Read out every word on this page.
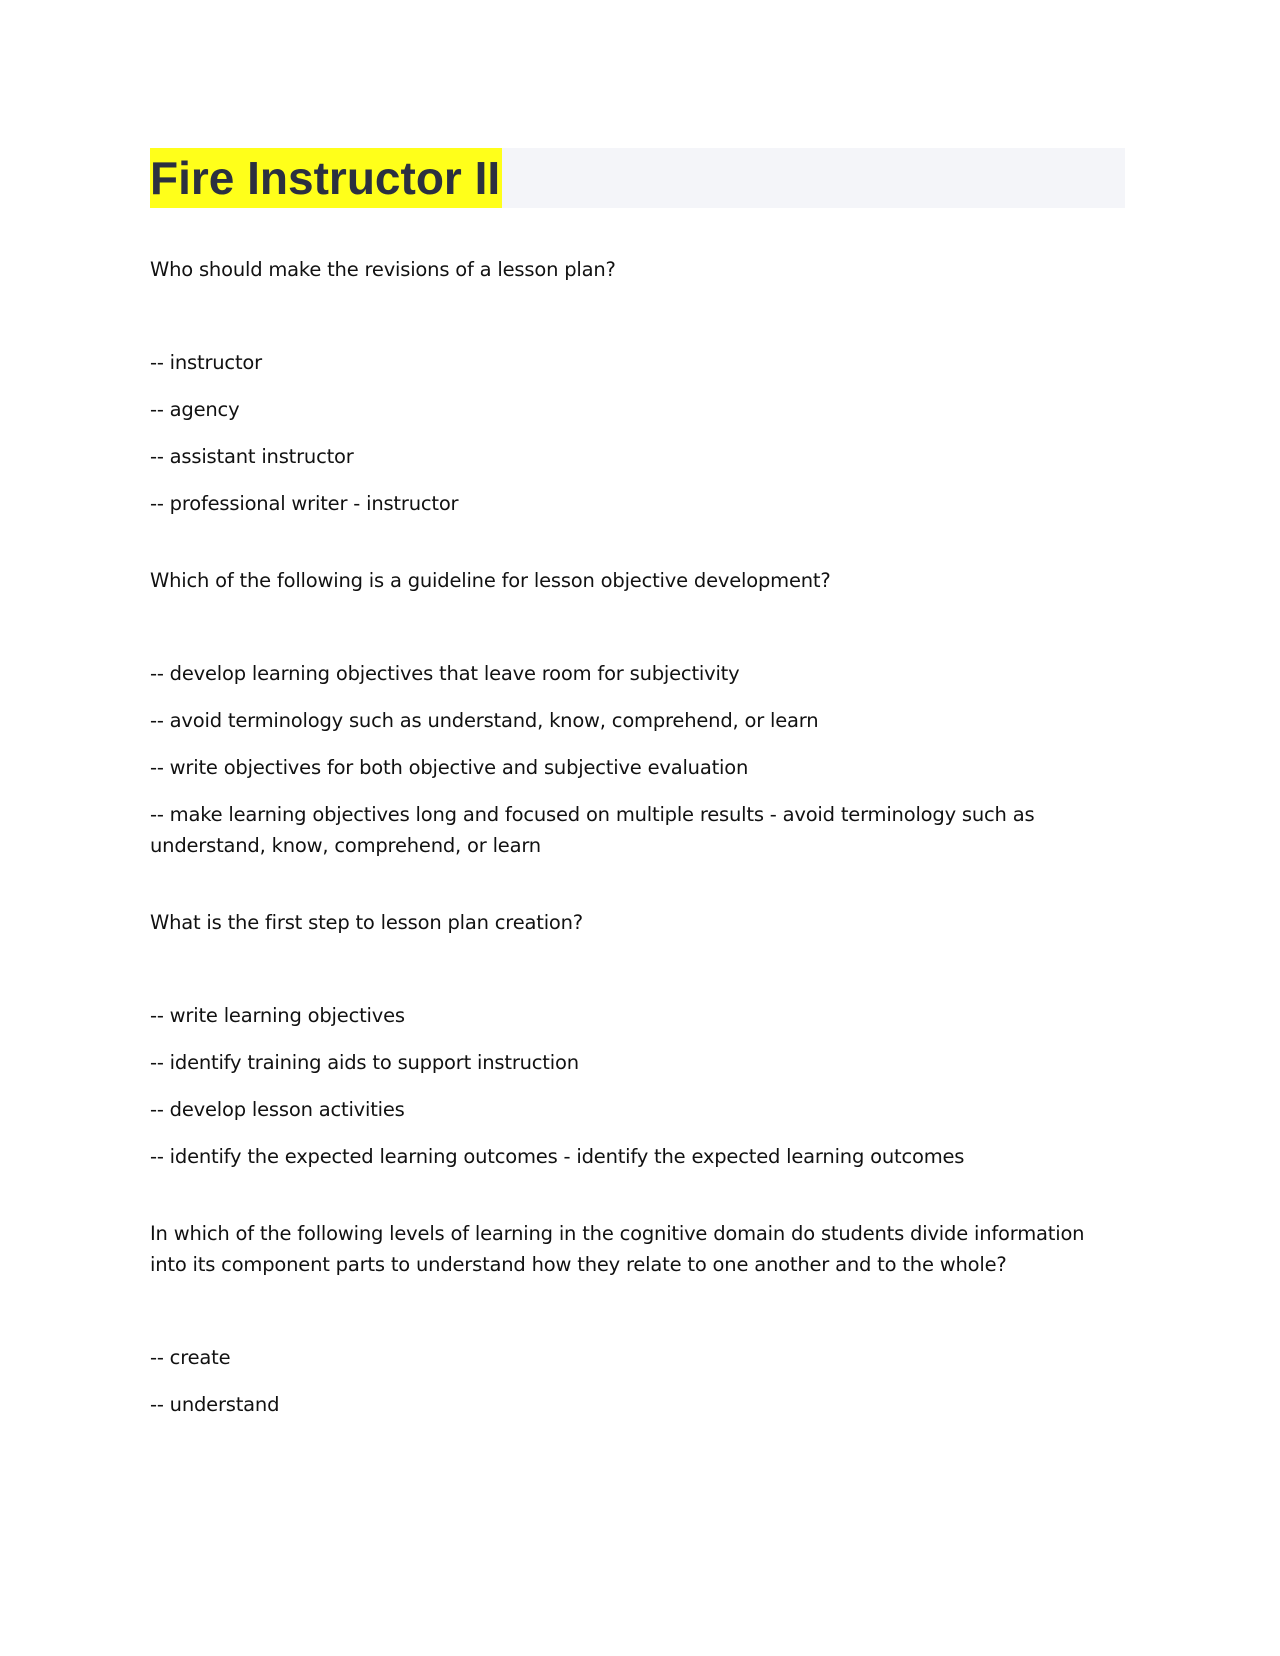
Fire Instructor II

Who should make the revisions of a lesson plan?

-- instructor
-- agency
-- assistant instructor
-- professional writer - instructor

Which of the following is a guideline for lesson objective development?

-- develop learning objectives that leave room for subjectivity
-- avoid terminology such as understand, know, comprehend, or learn
-- write objectives for both objective and subjective evaluation
-- make learning objectives long and focused on multiple results - avoid terminology such as understand, know, comprehend, or learn

What is the first step to lesson plan creation?

-- write learning objectives
-- identify training aids to support instruction
-- develop lesson activities
-- identify the expected learning outcomes - identify the expected learning outcomes

In which of the following levels of learning in the cognitive domain do students divide information into its component parts to understand how they relate to one another and to the whole?

-- create
-- understand
